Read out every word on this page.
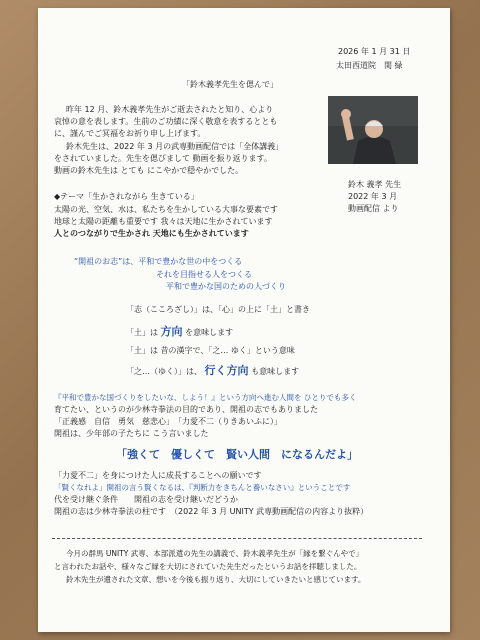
2026 年 1 月 31 日
太田西道院　関 緑
「鈴木義孝先生を偲んで」
昨年 12 月、鈴木義孝先生がご逝去されたと知り、心より
哀悼の意を表します。生前のご功績に深く敬意を表するととも
に、謹んでご冥福をお祈り申し上げます。
鈴木先生は、2022 年 3 月の武専動画配信では「全体講義」
をされていました。先生を偲びまして 動画を振り返ります。
動画の鈴木先生は とても にこやかで穏やかでした。
鈴木 義孝 先生
2022 年 3 月
動画配信 より
◆テーマ「生かされながら 生きている」
太陽の光、空気、水は、私たちを生かしている大事な要素です
地球と太陽の距離も重要です 我々は天地に生かされています
人とのつながりで生かされ 天地にも生かされています
“開祖のお志”は、平和で豊かな世の中をつくる
それを目指せる人をつくる
平和で豊かな国のための人づくり
「志（こころざし）」は、「心」の上に「土」と書き
「土」は 方向 を意味します
「土」は 昔の漢字で、「之… ゆく」という意味
「之…（ゆく）」は、 行く方向 も意味します
『平和で豊かな国づくりをしたいな、しよう！』という方向へ進む人間を ひとりでも多く
育てたい、というのが少林寺拳法の目的であり、開祖の志でもありました
「正義感　自信　勇気　慈悲心」　「力愛不二（りきあいふに）」
開祖は、少年部の子たちに こう言いました
「強くて　優しくて　賢い人間　になるんだよ」
「力愛不二」を身につけた人に成長することへの願いです
「賢くなれよ」開祖の言う賢くなるは、『判断力をきちんと養いなさい』ということです
代を受け継ぐ条件　　開祖の志を受け継いだどうか
開祖の志は少林寺拳法の柱です　（2022 年 3 月 UNITY 武専動画配信の内容より抜粋）
今月の群馬 UNITY 武専、本部派遣の先生の講義で、鈴木義孝先生が「縁を繋ぐんやで」
と言われたお話や、様々なご縁を大切にされていた先生だったというお話を拝聴しました。
鈴木先生が遺された文章、想いを今後も振り返り、大切にしていきたいと感じています。
